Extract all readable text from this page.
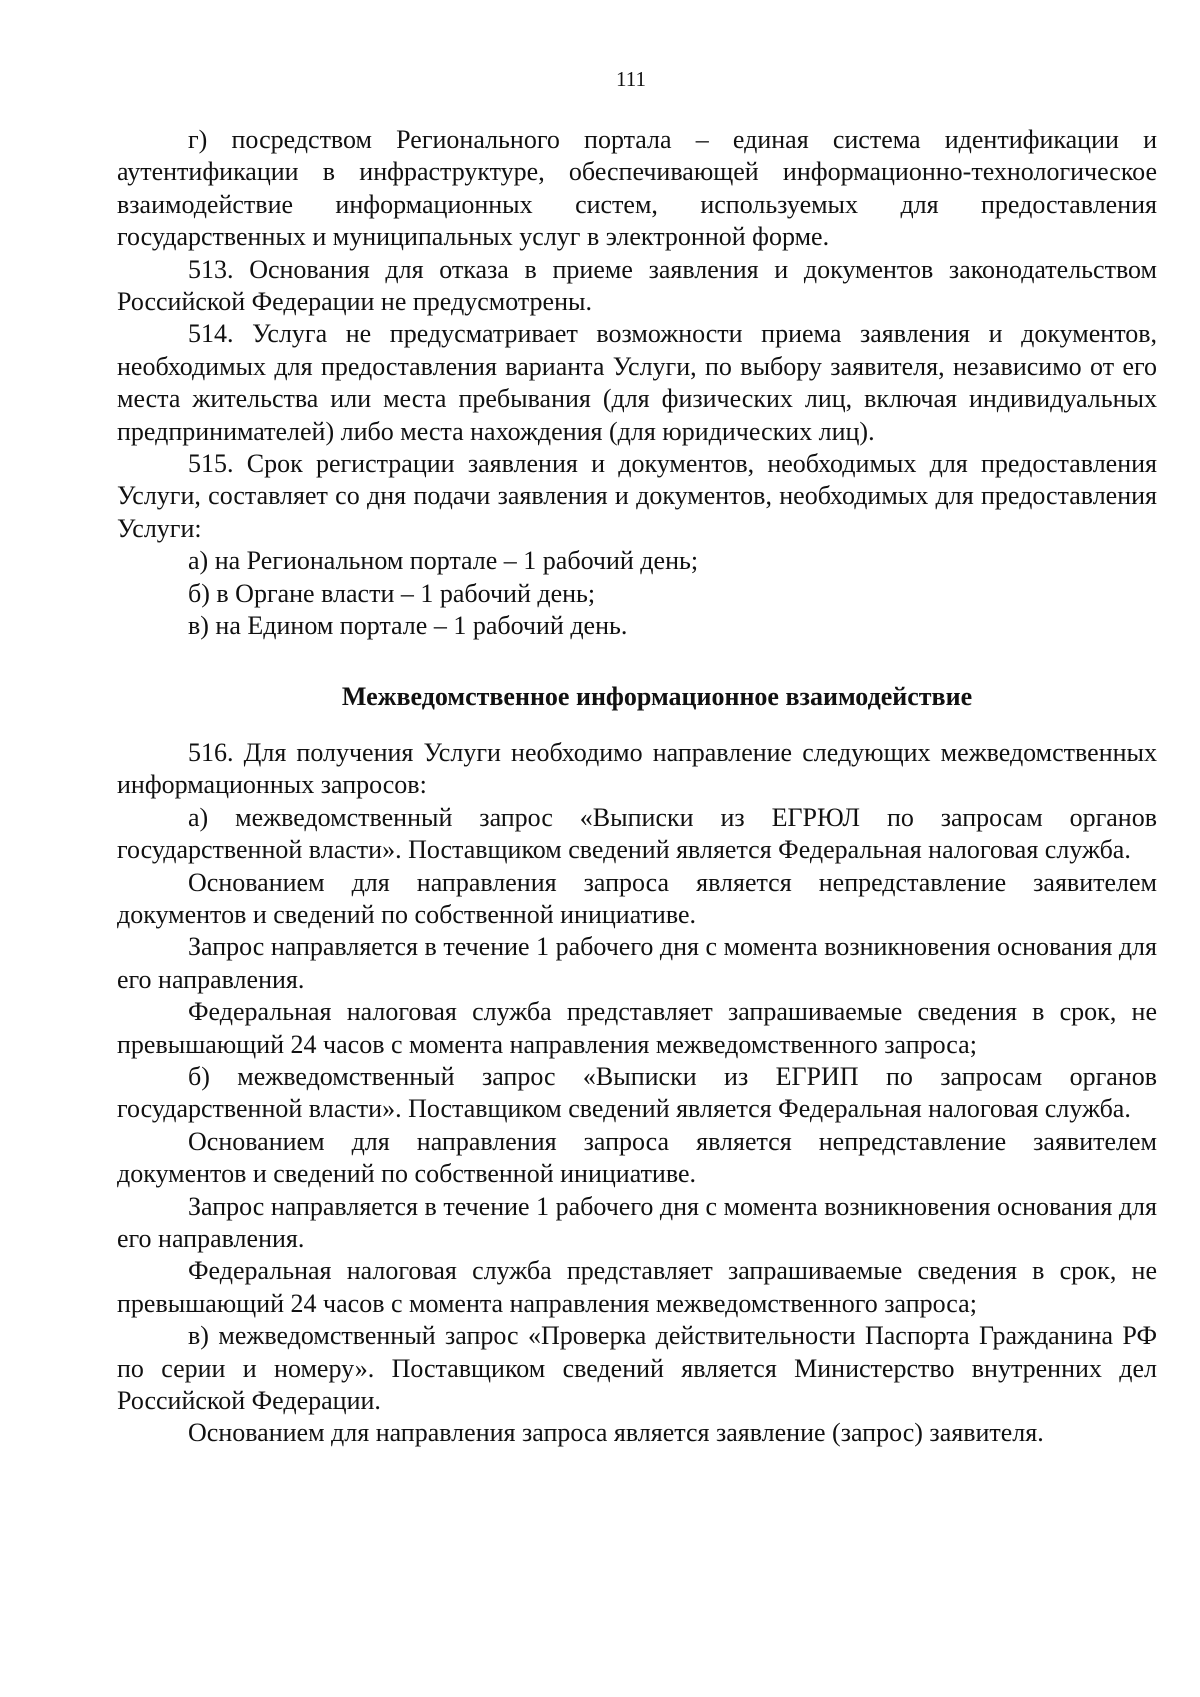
111

г) посредством Регионального портала – единая система идентификации и аутентификации в инфраструктуре, обеспечивающей информационно-технологическое взаимодействие информационных систем, используемых для предоставления государственных и муниципальных услуг в электронной форме.

513. Основания для отказа в приеме заявления и документов законодательством Российской Федерации не предусмотрены.

514. Услуга не предусматривает возможности приема заявления и документов, необходимых для предоставления варианта Услуги, по выбору заявителя, независимо от его места жительства или места пребывания (для физических лиц, включая индивидуальных предпринимателей) либо места нахождения (для юридических лиц).

515. Срок регистрации заявления и документов, необходимых для предоставления Услуги, составляет со дня подачи заявления и документов, необходимых для предоставления Услуги:

а) на Региональном портале – 1 рабочий день;

б) в Органе власти – 1 рабочий день;

в) на Едином портале – 1 рабочий день.

Межведомственное информационное взаимодействие

516. Для получения Услуги необходимо направление следующих межведомственных информационных запросов:

а) межведомственный запрос «Выписки из ЕГРЮЛ по запросам органов государственной власти». Поставщиком сведений является Федеральная налоговая служба.

Основанием для направления запроса является непредставление заявителем документов и сведений по собственной инициативе.

Запрос направляется в течение 1 рабочего дня с момента возникновения основания для его направления.

Федеральная налоговая служба представляет запрашиваемые сведения в срок, не превышающий 24 часов с момента направления межведомственного запроса;

б) межведомственный запрос «Выписки из ЕГРИП по запросам органов государственной власти». Поставщиком сведений является Федеральная налоговая служба.

Основанием для направления запроса является непредставление заявителем документов и сведений по собственной инициативе.

Запрос направляется в течение 1 рабочего дня с момента возникновения основания для его направления.

Федеральная налоговая служба представляет запрашиваемые сведения в срок, не превышающий 24 часов с момента направления межведомственного запроса;

в) межведомственный запрос «Проверка действительности Паспорта Гражданина РФ по серии и номеру». Поставщиком сведений является Министерство внутренних дел Российской Федерации.

Основанием для направления запроса является заявление (запрос) заявителя.
